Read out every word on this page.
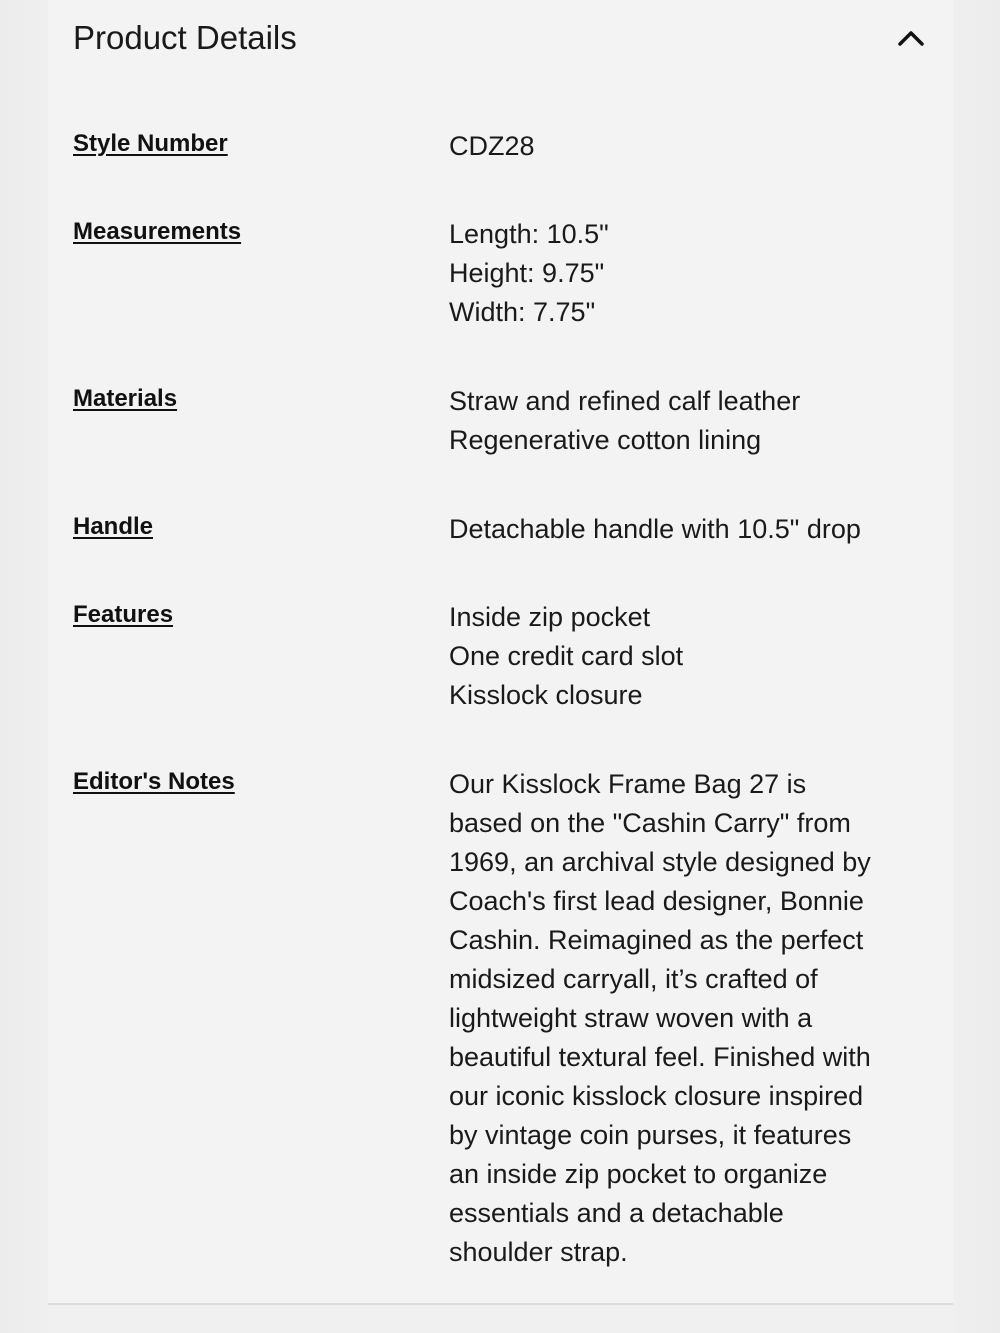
Product Details
Style Number	CDZ28
Measurements	Length: 10.5"
Height: 9.75"
Width: 7.75"
Materials	Straw and refined calf leather
Regenerative cotton lining
Handle	Detachable handle with 10.5" drop
Features	Inside zip pocket
One credit card slot
Kisslock closure
Editor's Notes	Our Kisslock Frame Bag 27 is
based on the "Cashin Carry" from
1969, an archival style designed by
Coach's first lead designer, Bonnie
Cashin. Reimagined as the perfect
midsized carryall, it’s crafted of
lightweight straw woven with a
beautiful textural feel. Finished with
our iconic kisslock closure inspired
by vintage coin purses, it features
an inside zip pocket to organize
essentials and a detachable
shoulder strap.
